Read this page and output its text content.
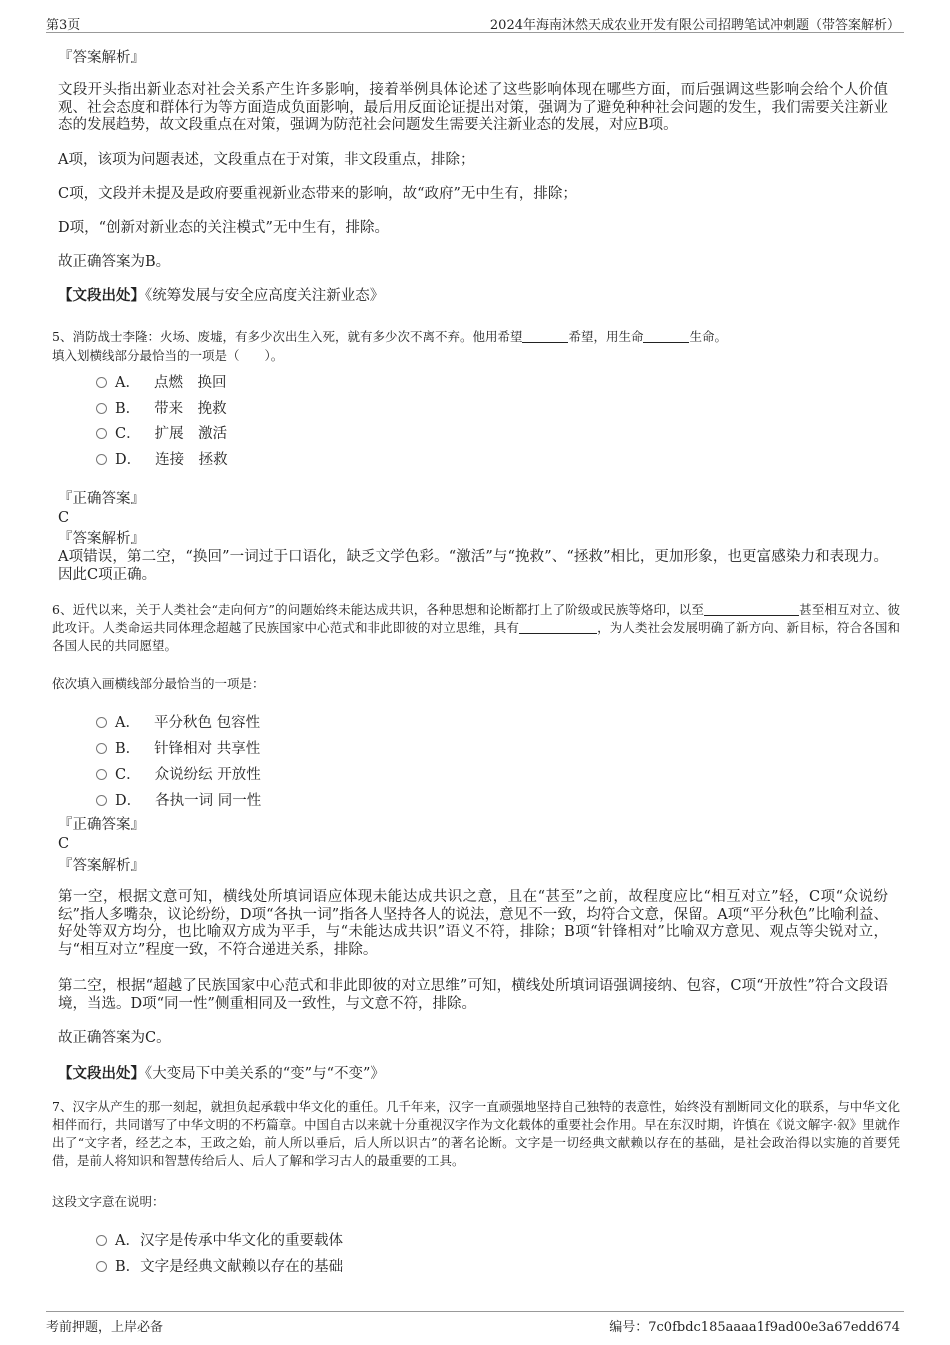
第3页	2024年海南沐然天成农业开发有限公司招聘笔试冲刺题（带答案解析）
『答案解析』
文段开头指出新业态对社会关系产生许多影响，接着举例具体论述了这些影响体现在哪些方面，而后强调这些影响会给个人价值观、社会态度和群体行为等方面造成负面影响，最后用反面论证提出对策，强调为了避免种种社会问题的发生，我们需要关注新业态的发展趋势，故文段重点在对策，强调为防范社会问题发生需要关注新业态的发展，对应B项。
A项，该项为问题表述，文段重点在于对策，非文段重点，排除；
C项，文段并未提及是政府要重视新业态带来的影响，故“政府”无中生有，排除；
D项，“创新对新业态的关注模式”无中生有，排除。
故正确答案为B。
【文段出处】《统筹发展与安全应高度关注新业态》
5、消防战士李隆：火场、废墟，有多少次出生入死，就有多少次不离不弃。他用希望	希望，用生命	生命。
填入划横线部分最恰当的一项是（　　）。
A． 点燃　换回
B． 带来　挽救
C． 扩展　激活
D． 连接　拯救
『正确答案』
C
『答案解析』
A项错误，第二空，“换回”一词过于口语化，缺乏文学色彩。“激活”与“挽救”、“拯救”相比，更加形象，也更富感染力和表现力。因此C项正确。
6、近代以来，关于人类社会“走向何方”的问题始终未能达成共识，各种思想和论断都打上了阶级或民族等烙印，以至	甚至相互对立、彼此攻讦。人类命运共同体理念超越了民族国家中心范式和非此即彼的对立思维，具有	，为人类社会发展明确了新方向、新目标，符合各国和各国人民的共同愿望。
依次填入画横线部分最恰当的一项是：
A． 平分秋色 包容性
B． 针锋相对 共享性
C． 众说纷纭 开放性
D． 各执一词 同一性
『正确答案』
C
『答案解析』
第一空，根据文意可知，横线处所填词语应体现未能达成共识之意，且在“甚至”之前，故程度应比“相互对立”轻，C项“众说纷纭”指人多嘴杂，议论纷纷，D项“各执一词”指各人坚持各人的说法，意见不一致，均符合文意，保留。A项“平分秋色”比喻利益、好处等双方均分，也比喻双方成为平手，与“未能达成共识”语义不符，排除；B项“针锋相对”比喻双方意见、观点等尖锐对立，与“相互对立”程度一致，不符合递进关系，排除。
第二空，根据“超越了民族国家中心范式和非此即彼的对立思维”可知，横线处所填词语强调接纳、包容，C项“开放性”符合文段语境，当选。D项“同一性”侧重相同及一致性，与文意不符，排除。
故正确答案为C。
【文段出处】《大变局下中美关系的“变”与“不变”》
7、汉字从产生的那一刻起，就担负起承载中华文化的重任。几千年来，汉字一直顽强地坚持自己独特的表意性，始终没有割断同文化的联系，与中华文化相伴而行，共同谱写了中华文明的不朽篇章。中国自古以来就十分重视汉字作为文化载体的重要社会作用。早在东汉时期，许慎在《说文解字·叙》里就作出了“文字者，经艺之本，王政之始，前人所以垂后，后人所以识古”的著名论断。文字是一切经典文献赖以存在的基础，是社会政治得以实施的首要凭借，是前人将知识和智慧传给后人、后人了解和学习古人的最重要的工具。
这段文字意在说明：
A．汉字是传承中华文化的重要载体
B．文字是经典文献赖以存在的基础
考前押题，上岸必备	编号：7c0fbdc185aaaa1f9ad00e3a67edd674
